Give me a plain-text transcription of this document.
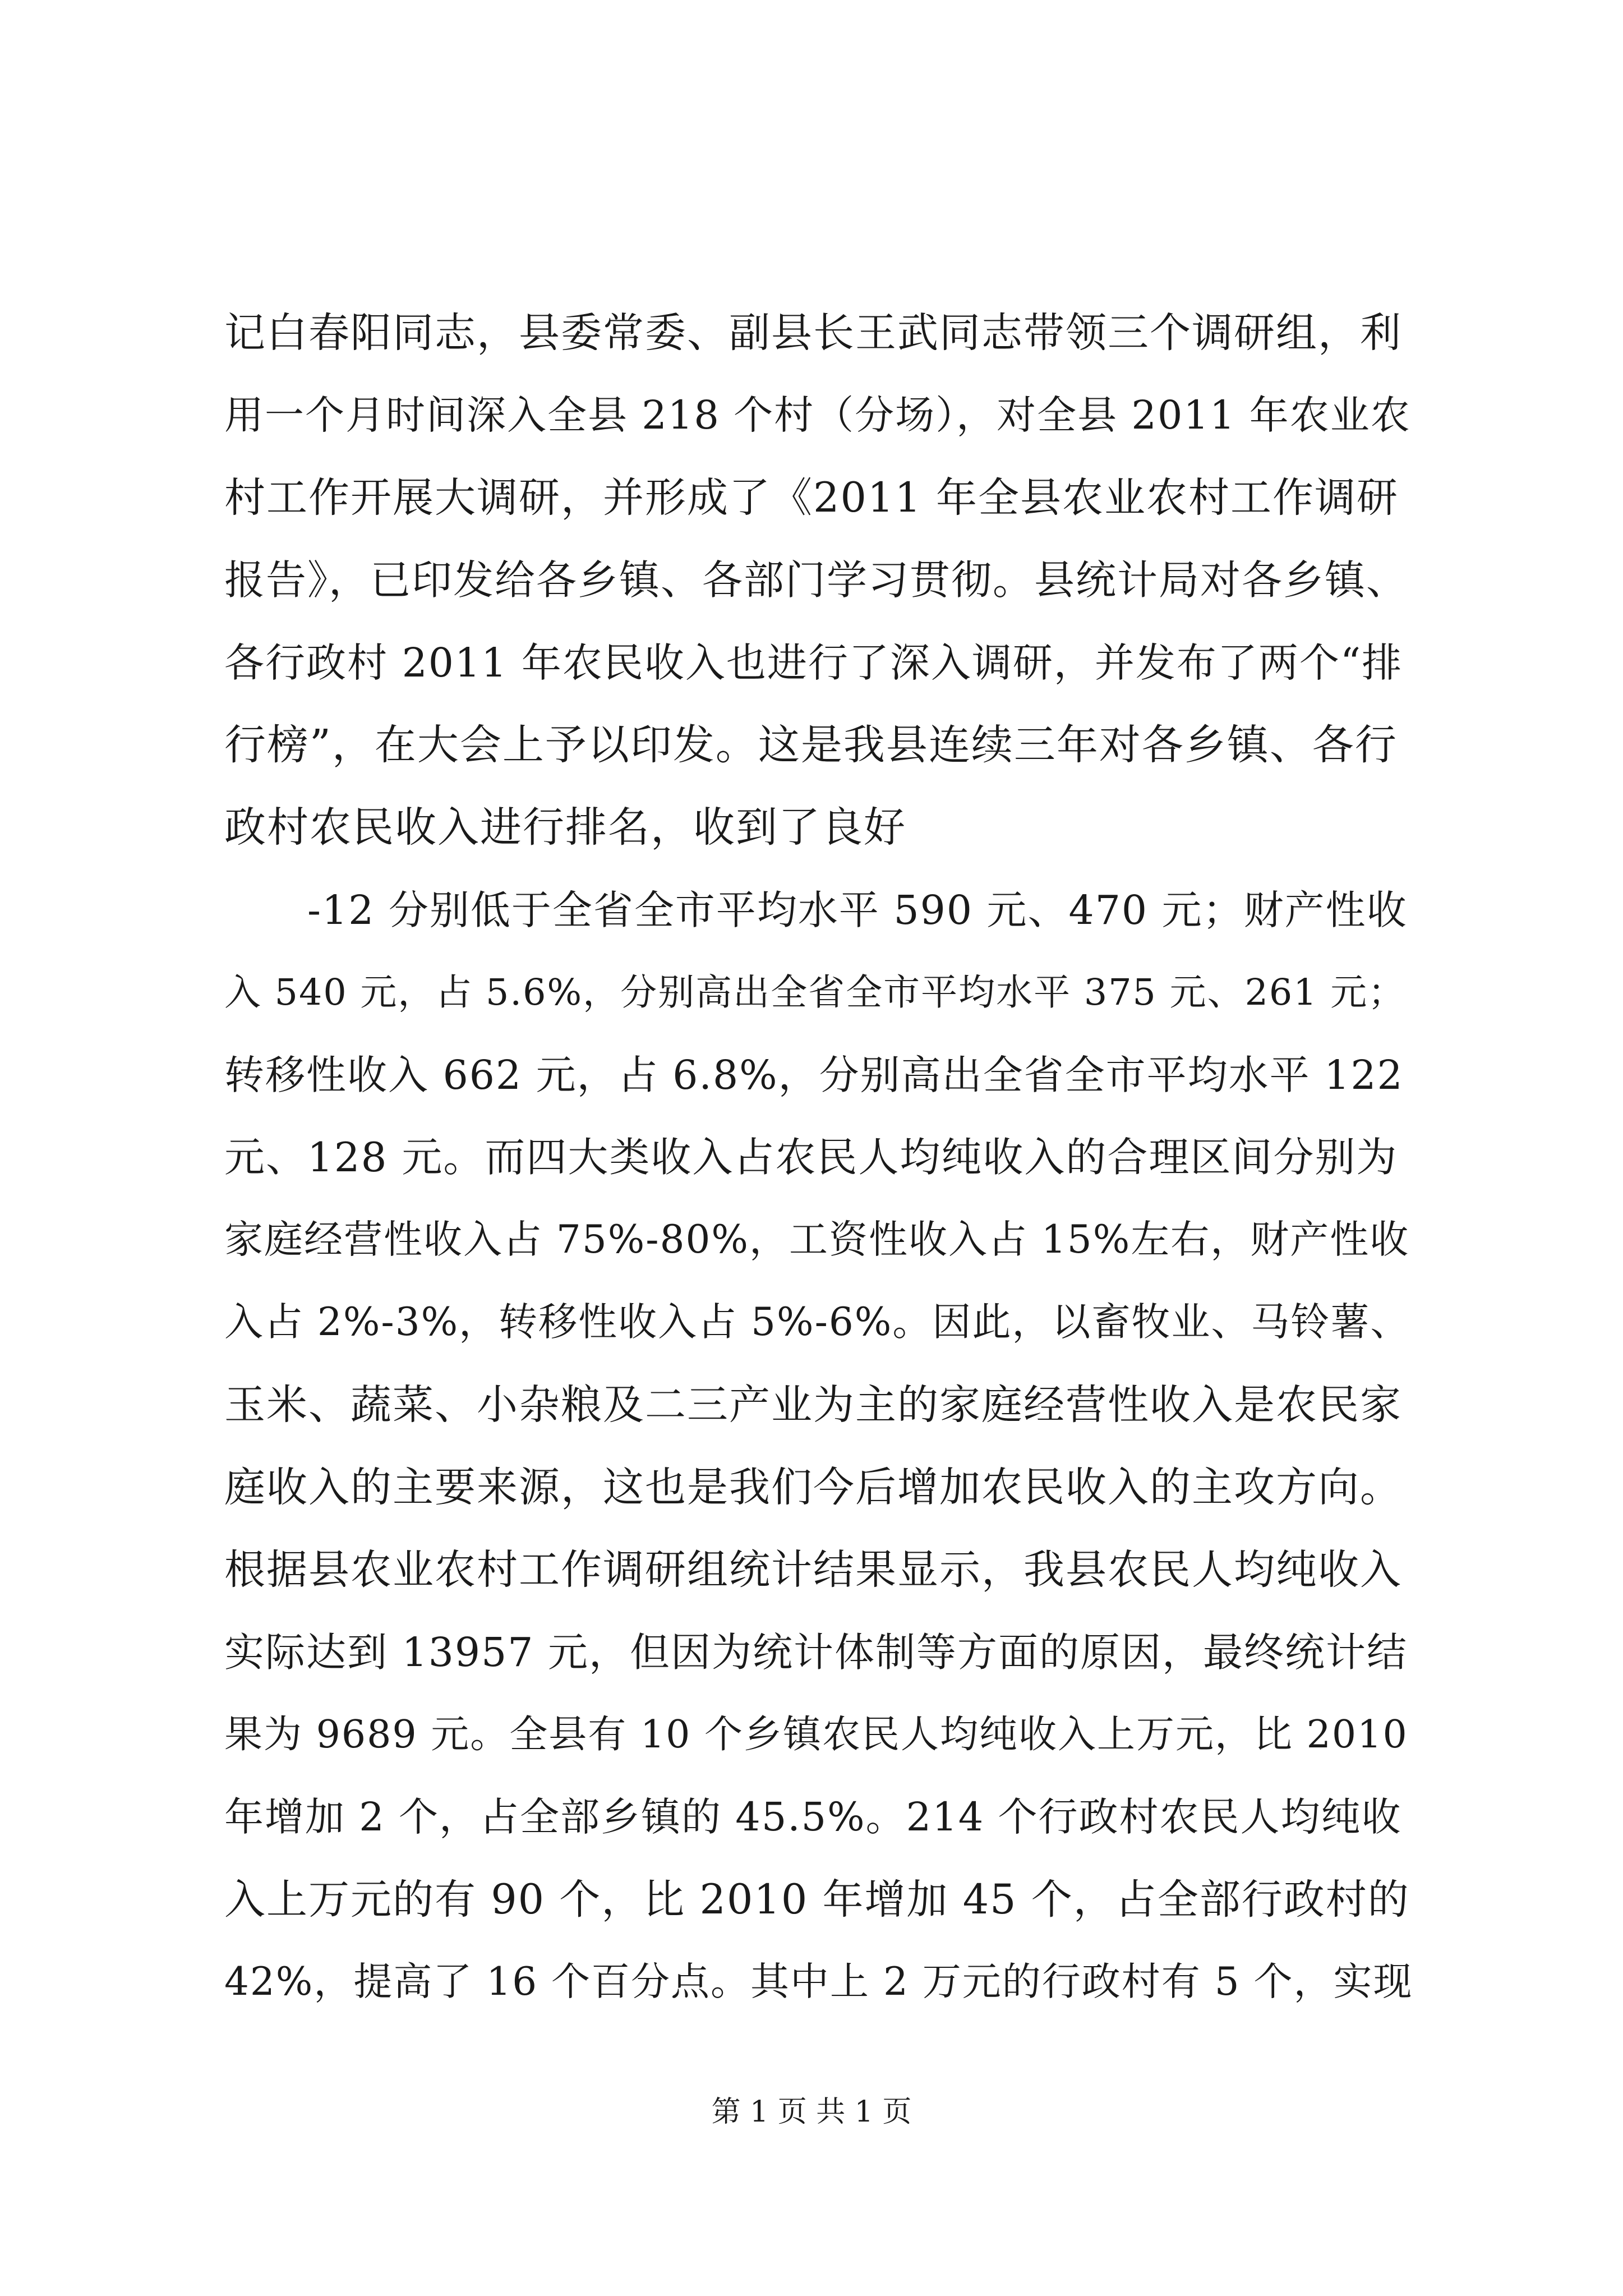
记白春阳同志，县委常委、副县长王武同志带领三个调研组，利
用一个月时间深入全县 218 个村（分场），对全县 2011 年农业农
村工作开展大调研，并形成了《2011 年全县农业农村工作调研
报告》，已印发给各乡镇、各部门学习贯彻。县统计局对各乡镇、
各行政村 2011 年农民收入也进行了深入调研，并发布了两个“排
行榜”，在大会上予以印发。这是我县连续三年对各乡镇、各行
政村农民收入进行排名，收到了良好
-12 分别低于全省全市平均水平 590 元、470 元；财产性收
入 540 元，占 5.6%，分别高出全省全市平均水平 375 元、261 元；
转移性收入 662 元，占 6.8%，分别高出全省全市平均水平 122
元、128 元。而四大类收入占农民人均纯收入的合理区间分别为
家庭经营性收入占 75%-80%，工资性收入占 15%左右，财产性收
入占 2%-3%，转移性收入占 5%-6%。因此，以畜牧业、马铃薯、
玉米、蔬菜、小杂粮及二三产业为主的家庭经营性收入是农民家
庭收入的主要来源，这也是我们今后增加农民收入的主攻方向。
根据县农业农村工作调研组统计结果显示，我县农民人均纯收入
实际达到 13957 元，但因为统计体制等方面的原因，最终统计结
果为 9689 元。全县有 10 个乡镇农民人均纯收入上万元，比 2010
年增加 2 个，占全部乡镇的 45.5%。214 个行政村农民人均纯收
入上万元的有 90 个，比 2010 年增加 45 个，占全部行政村的
42%，提高了 16 个百分点。其中上 2 万元的行政村有 5 个，实现
第 1 页 共 1 页
